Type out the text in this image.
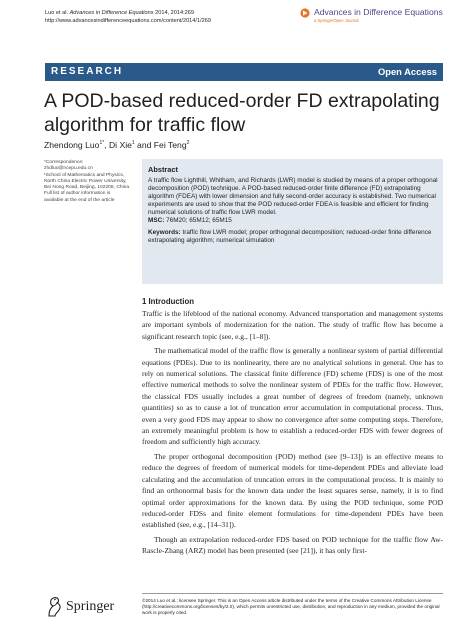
Luo et al. Advances in Difference Equations 2014, 2014:269
http://www.advancesindifferenceequations.com/content/2014/1/269
Advances in Difference Equations
a SpringerOpen Journal
RESEARCH	Open Access
A POD-based reduced-order FD extrapolating algorithm for traffic flow
Zhendong Luo$^{1*}$, Di Xie$^1$ and Fei Teng$^2$
*Correspondence:
zhdluo@ncepu.edu.cn
¹School of Mathematics and Physics, North China Electric Power University, Bei Nong Road, Beijing, 102206, China
Full list of author information is available at the end of the article
Abstract
A traffic flow Lighthill, Whitham, and Richards (LWR) model is studied by means of a proper orthogonal decomposition (POD) technique. A POD-based reduced-order finite difference (FD) extrapolating algorithm (FDEA) with lower dimension and fully second-order accuracy is established. Two numerical experiments are used to show that the POD reduced-order FDEA is feasible and efficient for finding numerical solutions of traffic flow LWR model.
MSC: 76M20; 65M12; 65M15
Keywords: traffic flow LWR model; proper orthogonal decomposition; reduced-order finite difference extrapolating algorithm; numerical simulation
1 Introduction

Traffic is the lifeblood of the national economy. Advanced transportation and management systems are important symbols of modernization for the nation. The study of traffic flow has become a significant research topic (see, e.g., [1–8]).

The mathematical model of the traffic flow is generally a nonlinear system of partial differential equations (PDEs). Due to its nonlinearity, there are no analytical solutions in general. One has to rely on numerical solutions. The classical finite difference (FD) scheme (FDS) is one of the most effective numerical methods to solve the nonlinear system of PDEs for the traffic flow. However, the classical FDS usually includes a great number of degrees of freedom (namely, unknown quantities) so as to cause a lot of truncation error accumulation in computational process. Thus, even a very good FDS may appear to show no convergence after some computing steps. Therefore, an extremely meaningful problem is how to establish a reduced-order FDS with fewer degrees of freedom and sufficiently high accuracy.

The proper orthogonal decomposition (POD) method (see [9–13]) is an effective means to reduce the degrees of freedom of numerical models for time-dependent PDEs and alleviate load calculating and the accumulation of truncation errors in the computational process. It is mainly to find an orthonormal basis for the known data under the least squares sense, namely, it is to find optimal order approximations for the known data. By using the POD technique, some POD reduced-order FDSs and finite element formulations for time-dependent PDEs have been established (see, e.g., [14–31]).

Though an extrapolation reduced-order FDS based on POD technique for the traffic flow Aw-Rascle-Zhang (ARZ) model has been presented (see [21]), it has only first-

Springer	©2014 Luo et al.; licensee Springer. This is an Open Access article distributed under the terms of the Creative Commons Attribution License (http://creativecommons.org/licenses/by/2.0), which permits unrestricted use, distribution, and reproduction in any medium, provided the original work is properly cited.
